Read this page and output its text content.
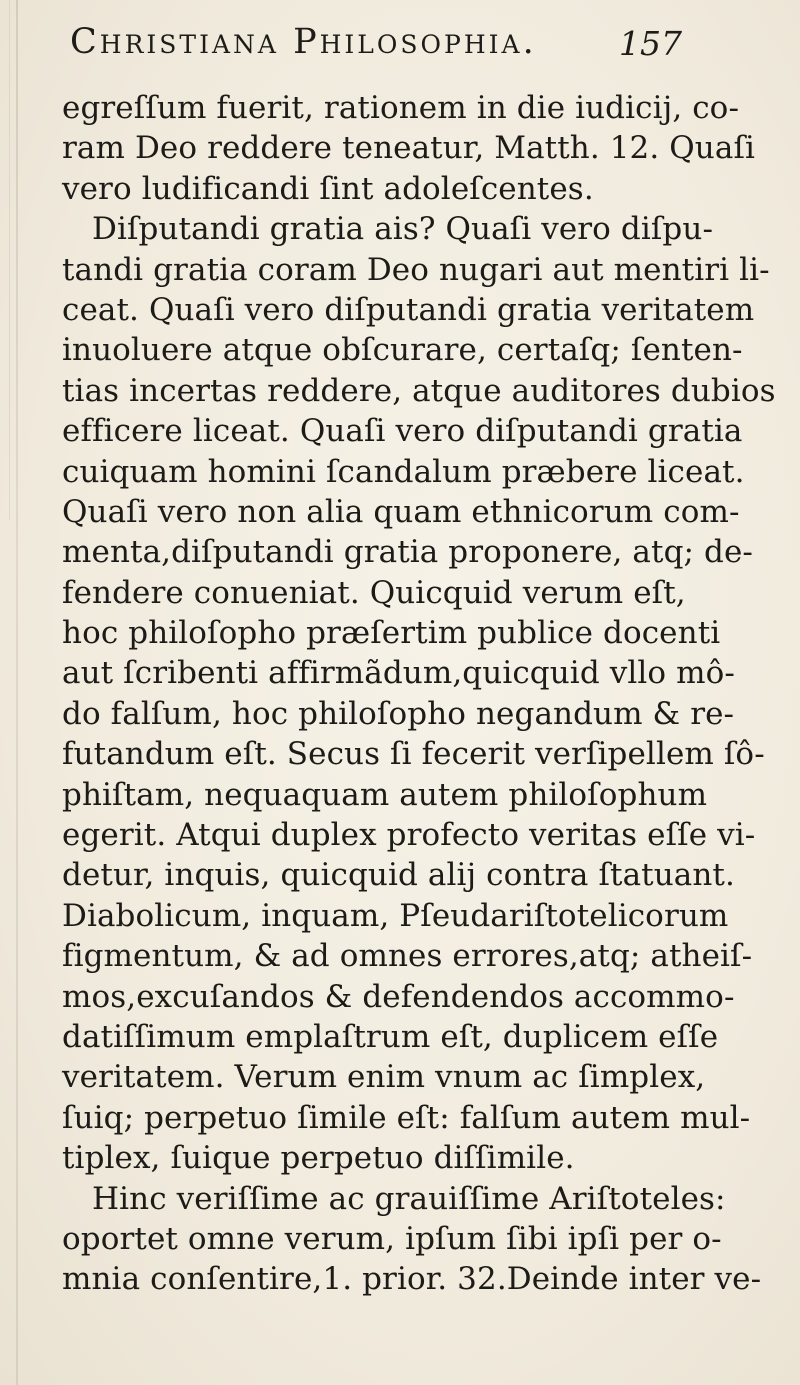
Christiana Philosophia. 157
egreſſum fuerit, rationem in die iudicij, co-
ram Deo reddere teneatur, Matth. 12. Quaſi
vero ludificandi ſint adoleſcentes.
Diſputandi gratia ais? Quaſi vero diſpu-
tandi gratia coram Deo nugari aut mentiri li-
ceat. Quaſi vero diſputandi gratia veritatem
inuoluere atque obſcurare, certaſq; ſenten-
tias incertas reddere, atque auditores dubios
efficere liceat. Quaſi vero diſputandi gratia
cuiquam homini ſcandalum præbere liceat.
Quaſi vero non alia quam ethnicorum com-
menta,diſputandi gratia proponere, atq; de-
fendere conueniat. Quicquid verum eſt,
hoc philoſopho præſertim publice docenti
aut ſcribenti affirmãdum,quicquid vllo mô-
do falſum, hoc philoſopho negandum & re-
futandum eſt. Secus ſi fecerit verſipellem ſô-
phiſtam, nequaquam autem philoſophum
egerit. Atqui duplex profecto veritas eſſe vi-
detur, inquis, quicquid alij contra ſtatuant.
Diabolicum, inquam, Pſeudariſtotelicorum
figmentum, & ad omnes errores,atq; atheiſ-
mos,excuſandos & defendendos accommo-
datiſſimum emplaſtrum eſt, duplicem eſſe
veritatem. Verum enim vnum ac ſimplex,
ſuiq; perpetuo ſimile eſt: falſum autem mul-
tiplex, ſuique perpetuo diſſimile.
Hinc veriſſime ac grauiſſime Ariſtoteles:
oportet omne verum, ipſum ſibi ipſi per o-
mnia conſentire,1. prior. 32.Deinde inter ve-
